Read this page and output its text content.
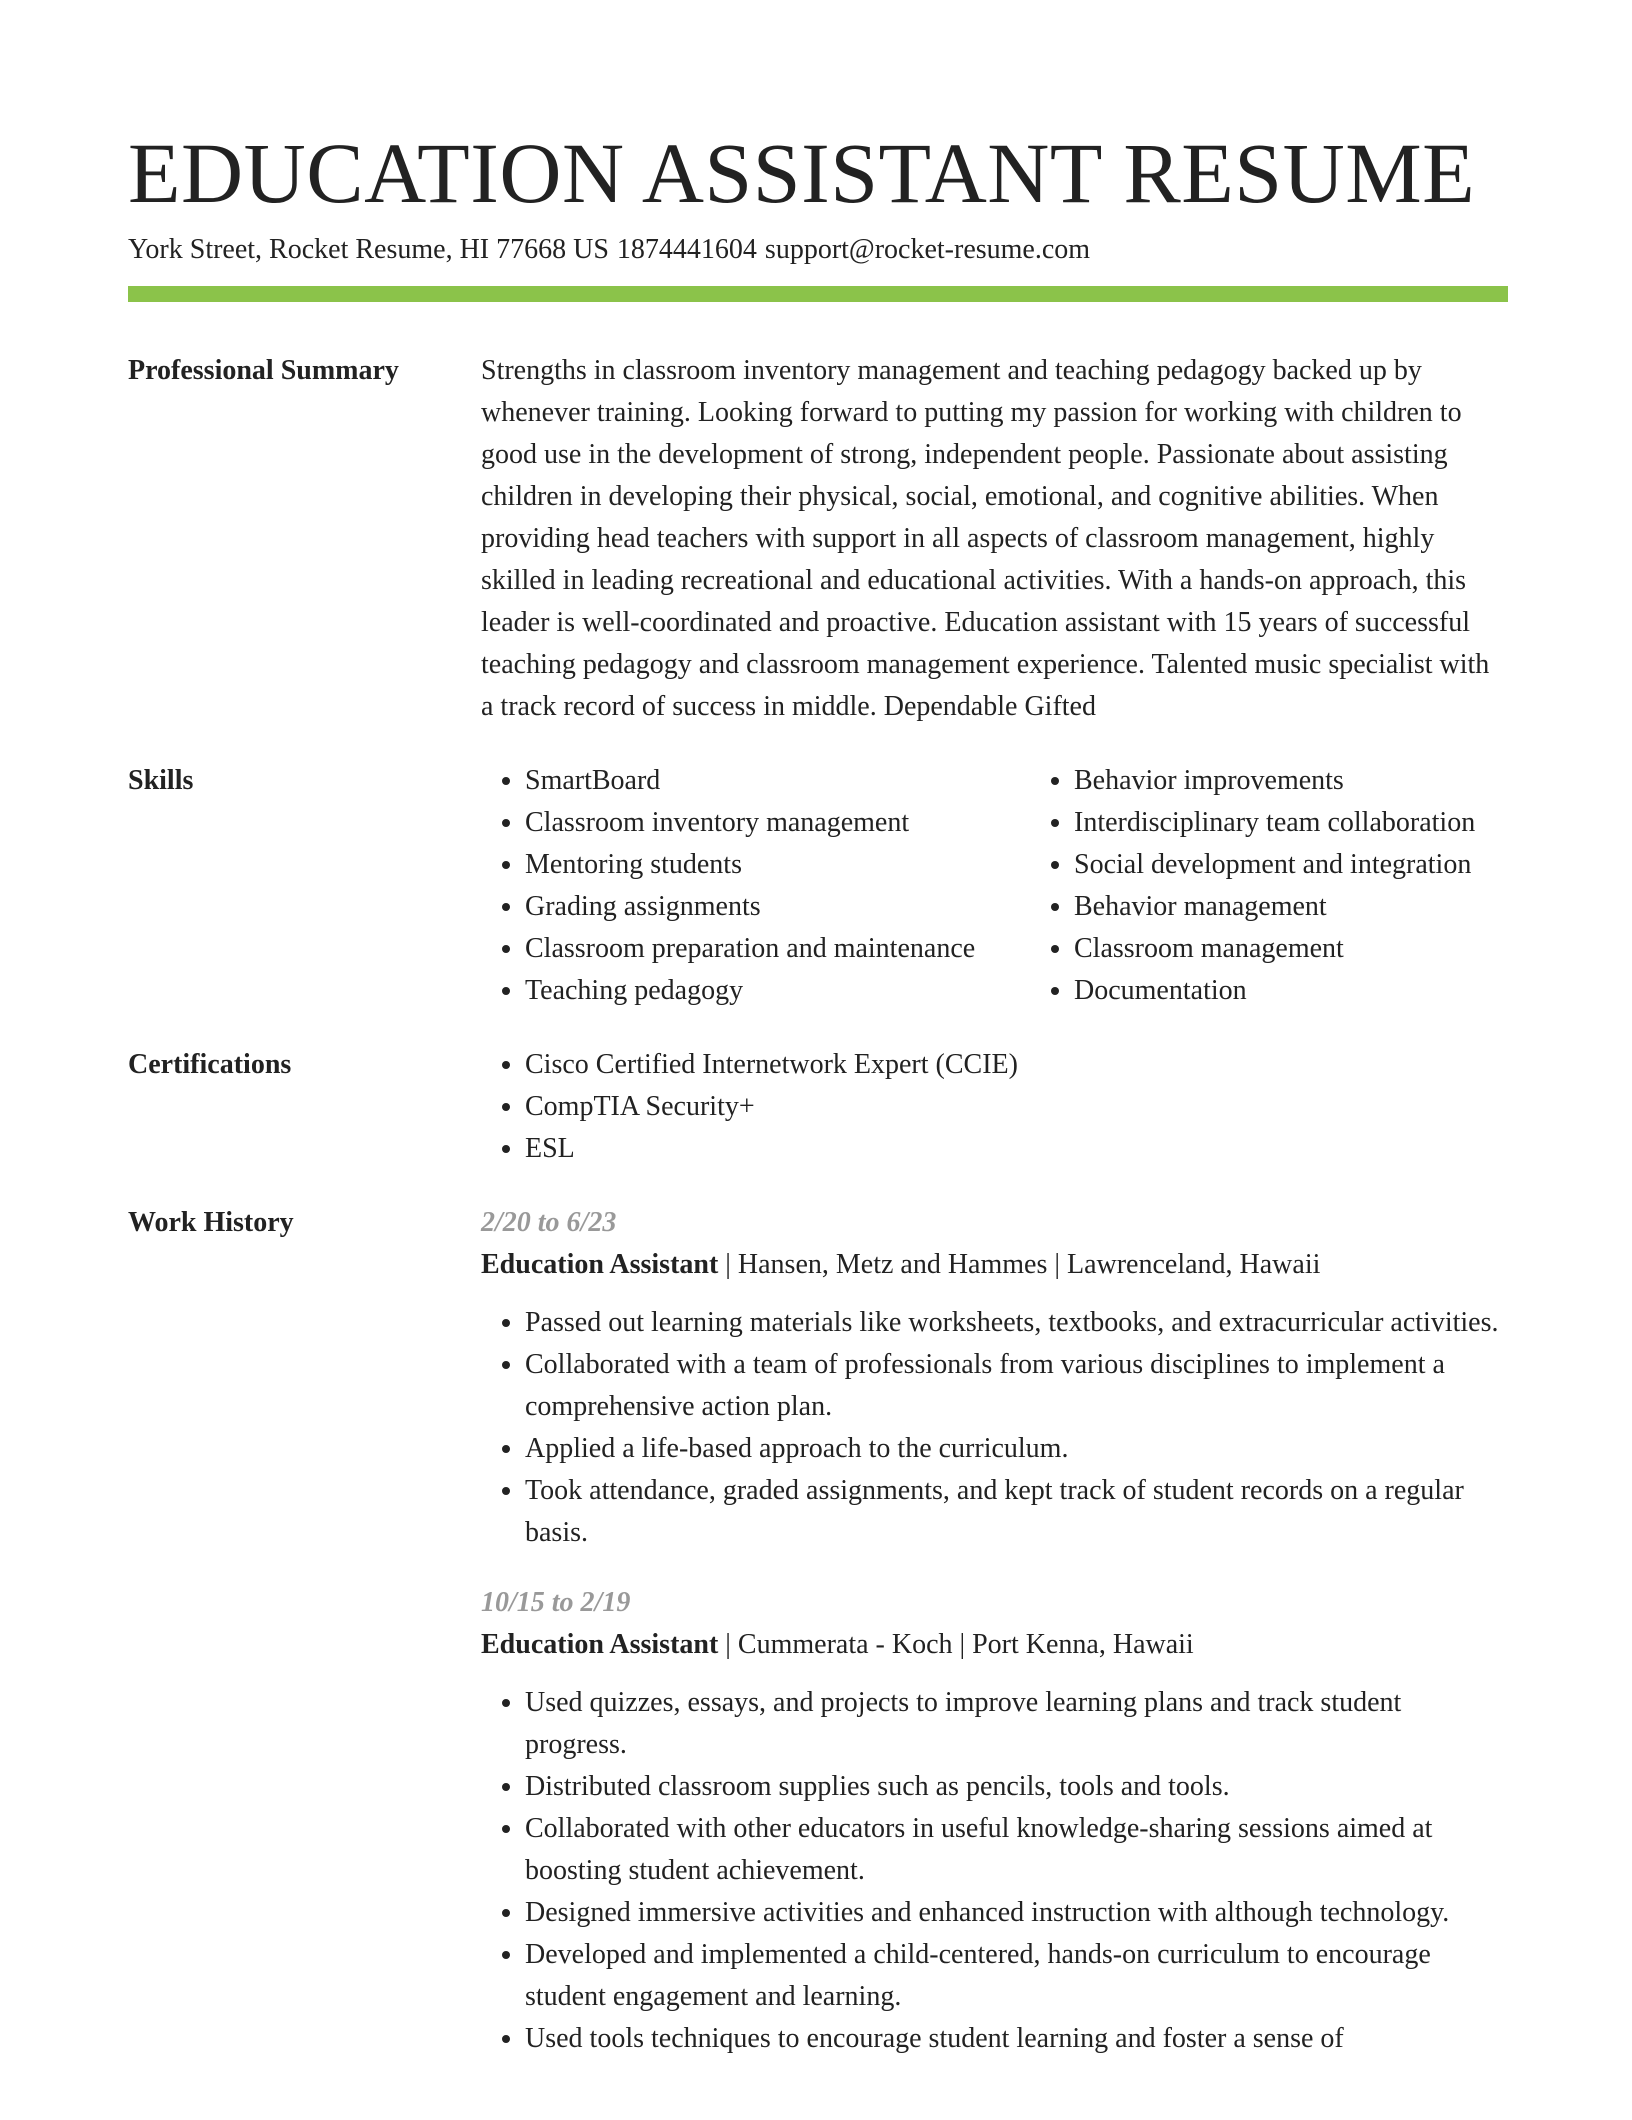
EDUCATION ASSISTANT RESUME
York Street, Rocket Resume, HI 77668 US 1874441604 support@rocket-resume.com
Professional Summary	Strengths in classroom inventory management and teaching pedagogy backed up by whenever training. Looking forward to putting my passion for working with children to good use in the development of strong, independent people. Passionate about assisting children in developing their physical, social, emotional, and cognitive abilities. When providing head teachers with support in all aspects of classroom management, highly skilled in leading recreational and educational activities. With a hands-on approach, this leader is well-coordinated and proactive. Education assistant with 15 years of successful teaching pedagogy and classroom management experience. Talented music specialist with a track record of success in middle. Dependable Gifted

Skills	• SmartBoard
• Classroom inventory management
• Mentoring students
• Grading assignments
• Classroom preparation and maintenance
• Teaching pedagogy
• Behavior improvements
• Interdisciplinary team collaboration
• Social development and integration
• Behavior management
• Classroom management
• Documentation
Certifications	• Cisco Certified Internetwork Expert (CCIE)
• CompTIA Security+
• ESL
Work History	2/20 to 6/23
Education Assistant | Hansen, Metz and Hammes | Lawrenceland, Hawaii
• Passed out learning materials like worksheets, textbooks, and extracurricular activities.
• Collaborated with a team of professionals from various disciplines to implement a comprehensive action plan.
• Applied a life-based approach to the curriculum.
• Took attendance, graded assignments, and kept track of student records on a regular basis.
10/15 to 2/19
Education Assistant | Cummerata - Koch | Port Kenna, Hawaii
• Used quizzes, essays, and projects to improve learning plans and track student progress.
• Distributed classroom supplies such as pencils, tools and tools.
• Collaborated with other educators in useful knowledge-sharing sessions aimed at boosting student achievement.
• Designed immersive activities and enhanced instruction with although technology.
• Developed and implemented a child-centered, hands-on curriculum to encourage student engagement and learning.
• Used tools techniques to encourage student learning and foster a sense of
